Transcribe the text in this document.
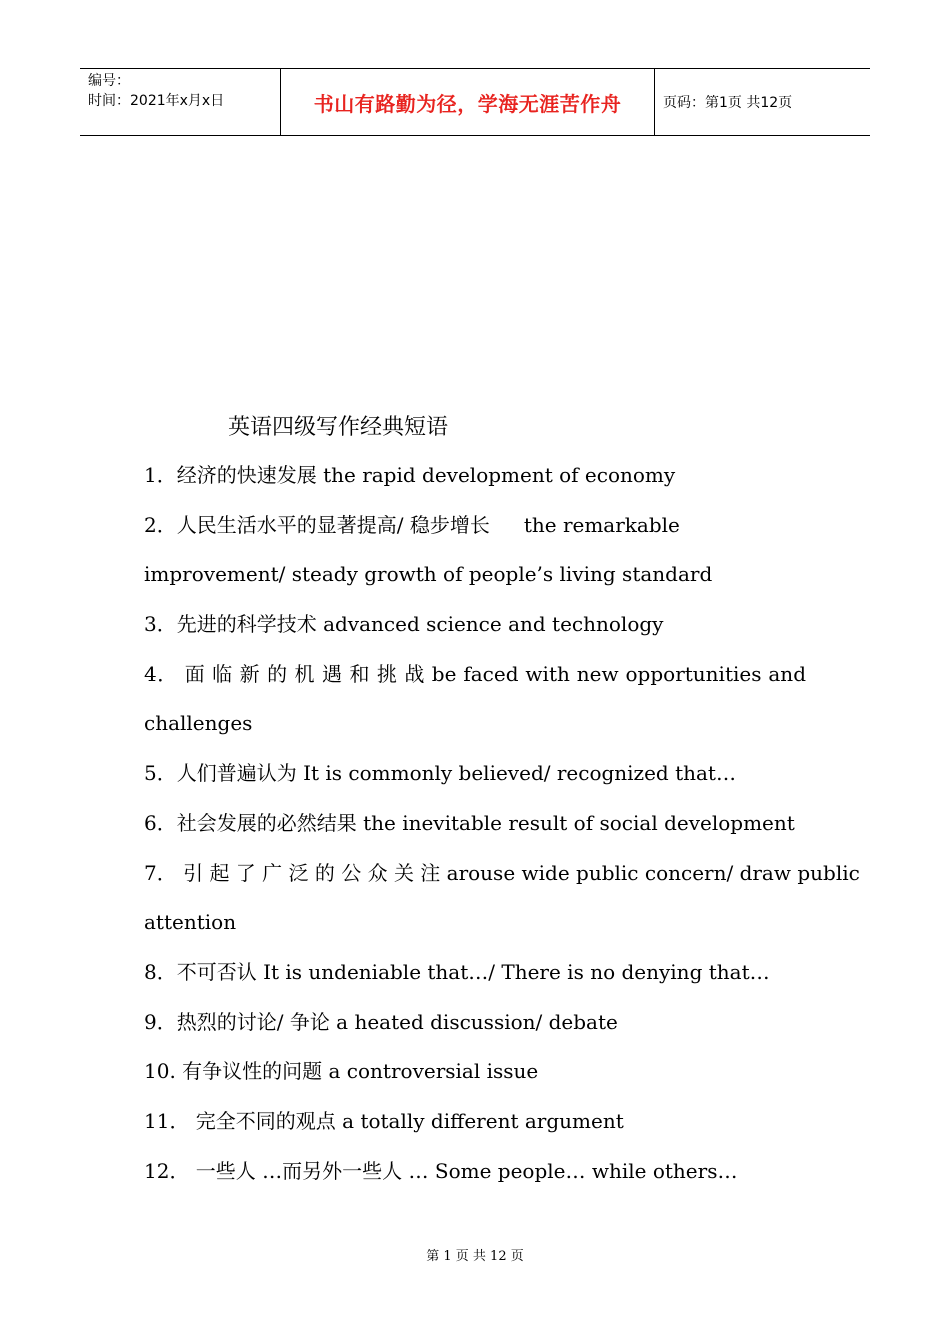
编号：
时间：2021年x月x日	书山有路勤为径，学海无涯苦作舟	页码：第1页 共12页
英语四级写作经典短语
1．经济的快速发展 the rapid development of economy
2．人民生活水平的显著提高/ 稳步增长 the remarkable
improvement/ steady growth of people’s living standard
3．先进的科学技术 advanced science and technology
4． 面 临 新 的 机 遇 和 挑 战 be faced with new opportunities and
challenges
5．人们普遍认为 It is commonly believed/ recognized that…
6．社会发展的必然结果 the inevitable result of social development
7． 引 起 了 广 泛 的 公 众 关 注 arouse wide public concern/ draw public
attention
8．不可否认 It is undeniable that…/ There is no denying that…
9．热烈的讨论/ 争论 a heated discussion/ debate
10. 有争议性的问题 a controversial issue
11． 完全不同的观点 a totally different argument
12． 一些人 …而另外一些人 … Some people… while others…
第 1 页 共 12 页
